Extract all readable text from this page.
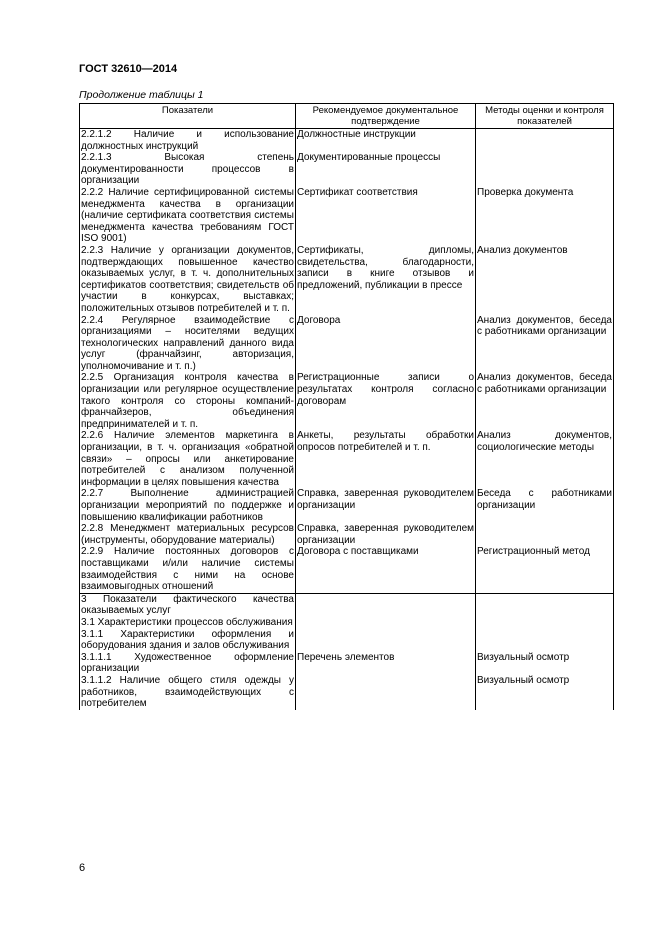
ГОСТ 32610—2014
Продолжение таблицы 1
Показатели	Рекомендуемое документальное подтверждение	Методы оценки и контроля показателей
2.2.1.2 Наличие и использование должностных инструкций	Должностные инструкции	
2.2.1.3 Высокая степень документированности процессов в организации	Документированные процессы	
2.2.2 Наличие сертифицированной системы менеджмента качества в организации (наличие сертификата соответствия системы менеджмента качества требованиям ГОСТ ISO 9001)	Сертификат соответствия	Проверка документа
2.2.3 Наличие у организации документов, подтверждающих повышенное качество оказываемых услуг, в т. ч. дополнительных сертификатов соответствия; свидетельств об участии в конкурсах, выставках; положительных отзывов потребителей и т. п.	Сертификаты, дипломы, свидетельства, благодарности, записи в книге отзывов и предложений, публикации в прессе	Анализ документов
2.2.4 Регулярное взаимодействие с организациями – носителями ведущих технологических направлений данного вида услуг (франчайзинг, авторизация, уполномочивание и т. п.)	Договора	Анализ документов, беседа с работниками организации
2.2.5 Организация контроля качества в организации или регулярное осуществление такого контроля со стороны компаний-франчайзеров, объединения предпринимателей и т. п.	Регистрационные записи о результатах контроля согласно договорам	Анализ документов, беседа с работниками организации
2.2.6 Наличие элементов маркетинга в организации, в т. ч. организация «обратной связи» – опросы или анкетирование потребителей с анализом полученной информации в целях повышения качества	Анкеты, результаты обработки опросов потребителей и т. п.	Анализ документов, социологические методы
2.2.7 Выполнение администрацией организации мероприятий по поддержке и повышению квалификации работников	Справка, заверенная руководителем организации	Беседа с работниками организации
2.2.8 Менеджмент материальных ресурсов (инструменты, оборудование материалы)	Справка, заверенная руководителем организации	
2.2.9 Наличие постоянных договоров с поставщиками и/или наличие системы взаимодействия с ними на основе взаимовыгодных отношений	Договора с поставщиками	Регистрационный метод
3 Показатели фактического качества оказываемых услуг		
3.1 Характеристики процессов обслуживания		
3.1.1 Характеристики оформления и оборудования здания и залов обслуживания		
3.1.1.1 Художественное оформление организации	Перечень элементов	Визуальный осмотр
3.1.1.2 Наличие общего стиля одежды у работников, взаимодействующих с потребителем		Визуальный осмотр
6
